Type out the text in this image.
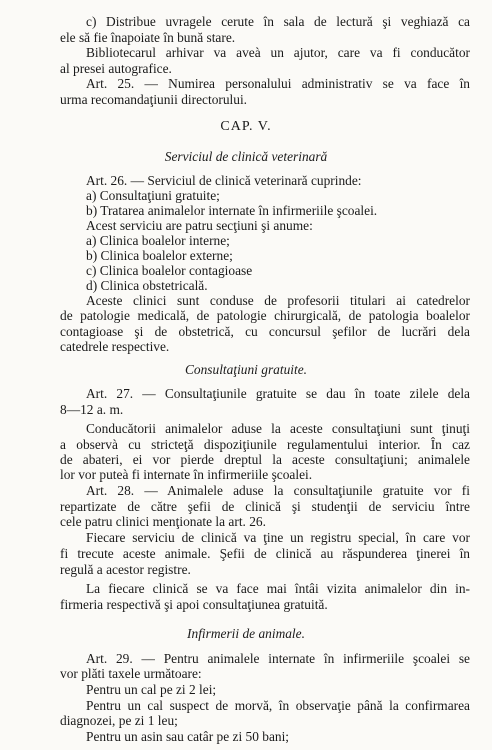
c) Distribue uvragele cerute în sala de lectură şi veghiază ca
ele să fie înapoiate în bună stare.
Bibliotecarul arhivar va aveà un ajutor, care va fi conducător
al presei autografice.
Art. 25. — Numirea personalului administrativ se va face în
urma recomandaţiunii directorului.
CAP. V.
Serviciul de clinică veterinară
Art. 26. — Serviciul de clinică veterinară cuprinde:
a) Consultaţiuni gratuite;
b) Tratarea animalelor internate în infirmeriile şcoalei.
Acest serviciu are patru secţiuni şi anume:
a) Clinica boalelor interne;
b) Clinica boalelor externe;
c) Clinica boalelor contagioase
d) Clinica obstetricală.
Aceste clinici sunt conduse de profesorii titulari ai catedrelor
de patologie medicală, de patologie chirurgicală, de patologia boalelor
contagioase şi de obstetrică, cu concursul şefilor de lucrări dela
catedrele respective.
Consultaţiuni gratuite.
Art. 27. — Consultaţiunile gratuite se dau în toate zilele dela
8—12 a. m.
Conducătorii animalelor aduse la aceste consultaţiuni sunt ţinuţi
a observà cu stricteţă dispoziţiunile regulamentului interior. În caz
de abateri, ei vor pierde dreptul la aceste consultaţiuni; animalele
lor vor puteà fi internate în infirmeriile şcoalei.
Art. 28. — Animalele aduse la consultaţiunile gratuite vor fi
repartizate de către şefii de clinică şi studenţii de serviciu între
cele patru clinici menţionate la art. 26.
Fiecare serviciu de clinică va ţine un registru special, în care vor
fi trecute aceste animale. Şefii de clinică au răspunderea ţinerei în
regulă a acestor registre.
La fiecare clinică se va face mai întâi vizita animalelor din in-
firmeria respectivă şi apoi consultaţiunea gratuită.
Infirmerii de animale.
Art. 29. — Pentru animalele internate în infirmeriile şcoalei se
vor plăti taxele următoare:
Pentru un cal pe zi 2 lei;
Pentru un cal suspect de morvă, în observaţie până la confirmarea
diagnozei, pe zi 1 leu;
Pentru un asin sau catâr pe zi 50 bani;
